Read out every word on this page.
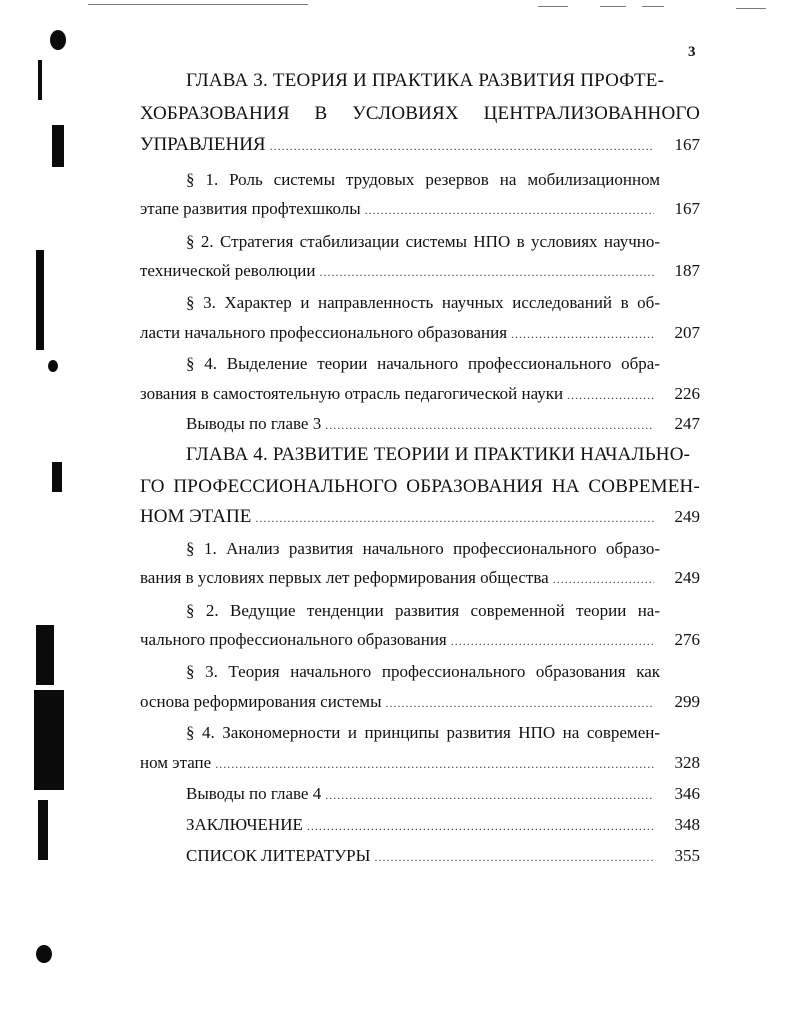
3
ГЛАВА 3. ТЕОРИЯ И ПРАКТИКА РАЗВИТИЯ ПРОФТЕ-
ХОБРАЗОВАНИЯ В УСЛОВИЯХ ЦЕНТРАЛИЗОВАННОГО
УПРАВЛЕНИЯ .....	167
§ 1. Роль системы трудовых резервов на мобилизационном
этапе развития профтехшколы .....	167
§ 2. Стратегия стабилизации системы НПО в условиях научно-
технической революции .....	187
§ 3. Характер и направленность научных исследований в об-
ласти начального профессионального образования .....	207
§ 4. Выделение теории начального профессионального обра-
зования в самостоятельную отрасль педагогической науки .....	226
Выводы по главе 3 .....	247
ГЛАВА 4. РАЗВИТИЕ ТЕОРИИ И ПРАКТИКИ НАЧАЛЬНО-
ГО ПРОФЕССИОНАЛЬНОГО ОБРАЗОВАНИЯ НА СОВРЕМЕН-
НОМ ЭТАПЕ .....	249
§ 1. Анализ развития начального профессионального образо-
вания в условиях первых лет реформирования общества .....	249
§ 2. Ведущие тенденции развития современной теории на-
чального профессионального образования .....	276
§ 3. Теория начального профессионального образования как
основа реформирования системы .....	299
§ 4. Закономерности и принципы развития НПО на современ-
ном этапе .....	328
Выводы по главе 4 .....	346
ЗАКЛЮЧЕНИЕ .....	348
СПИСОК ЛИТЕРАТУРЫ .....	355
